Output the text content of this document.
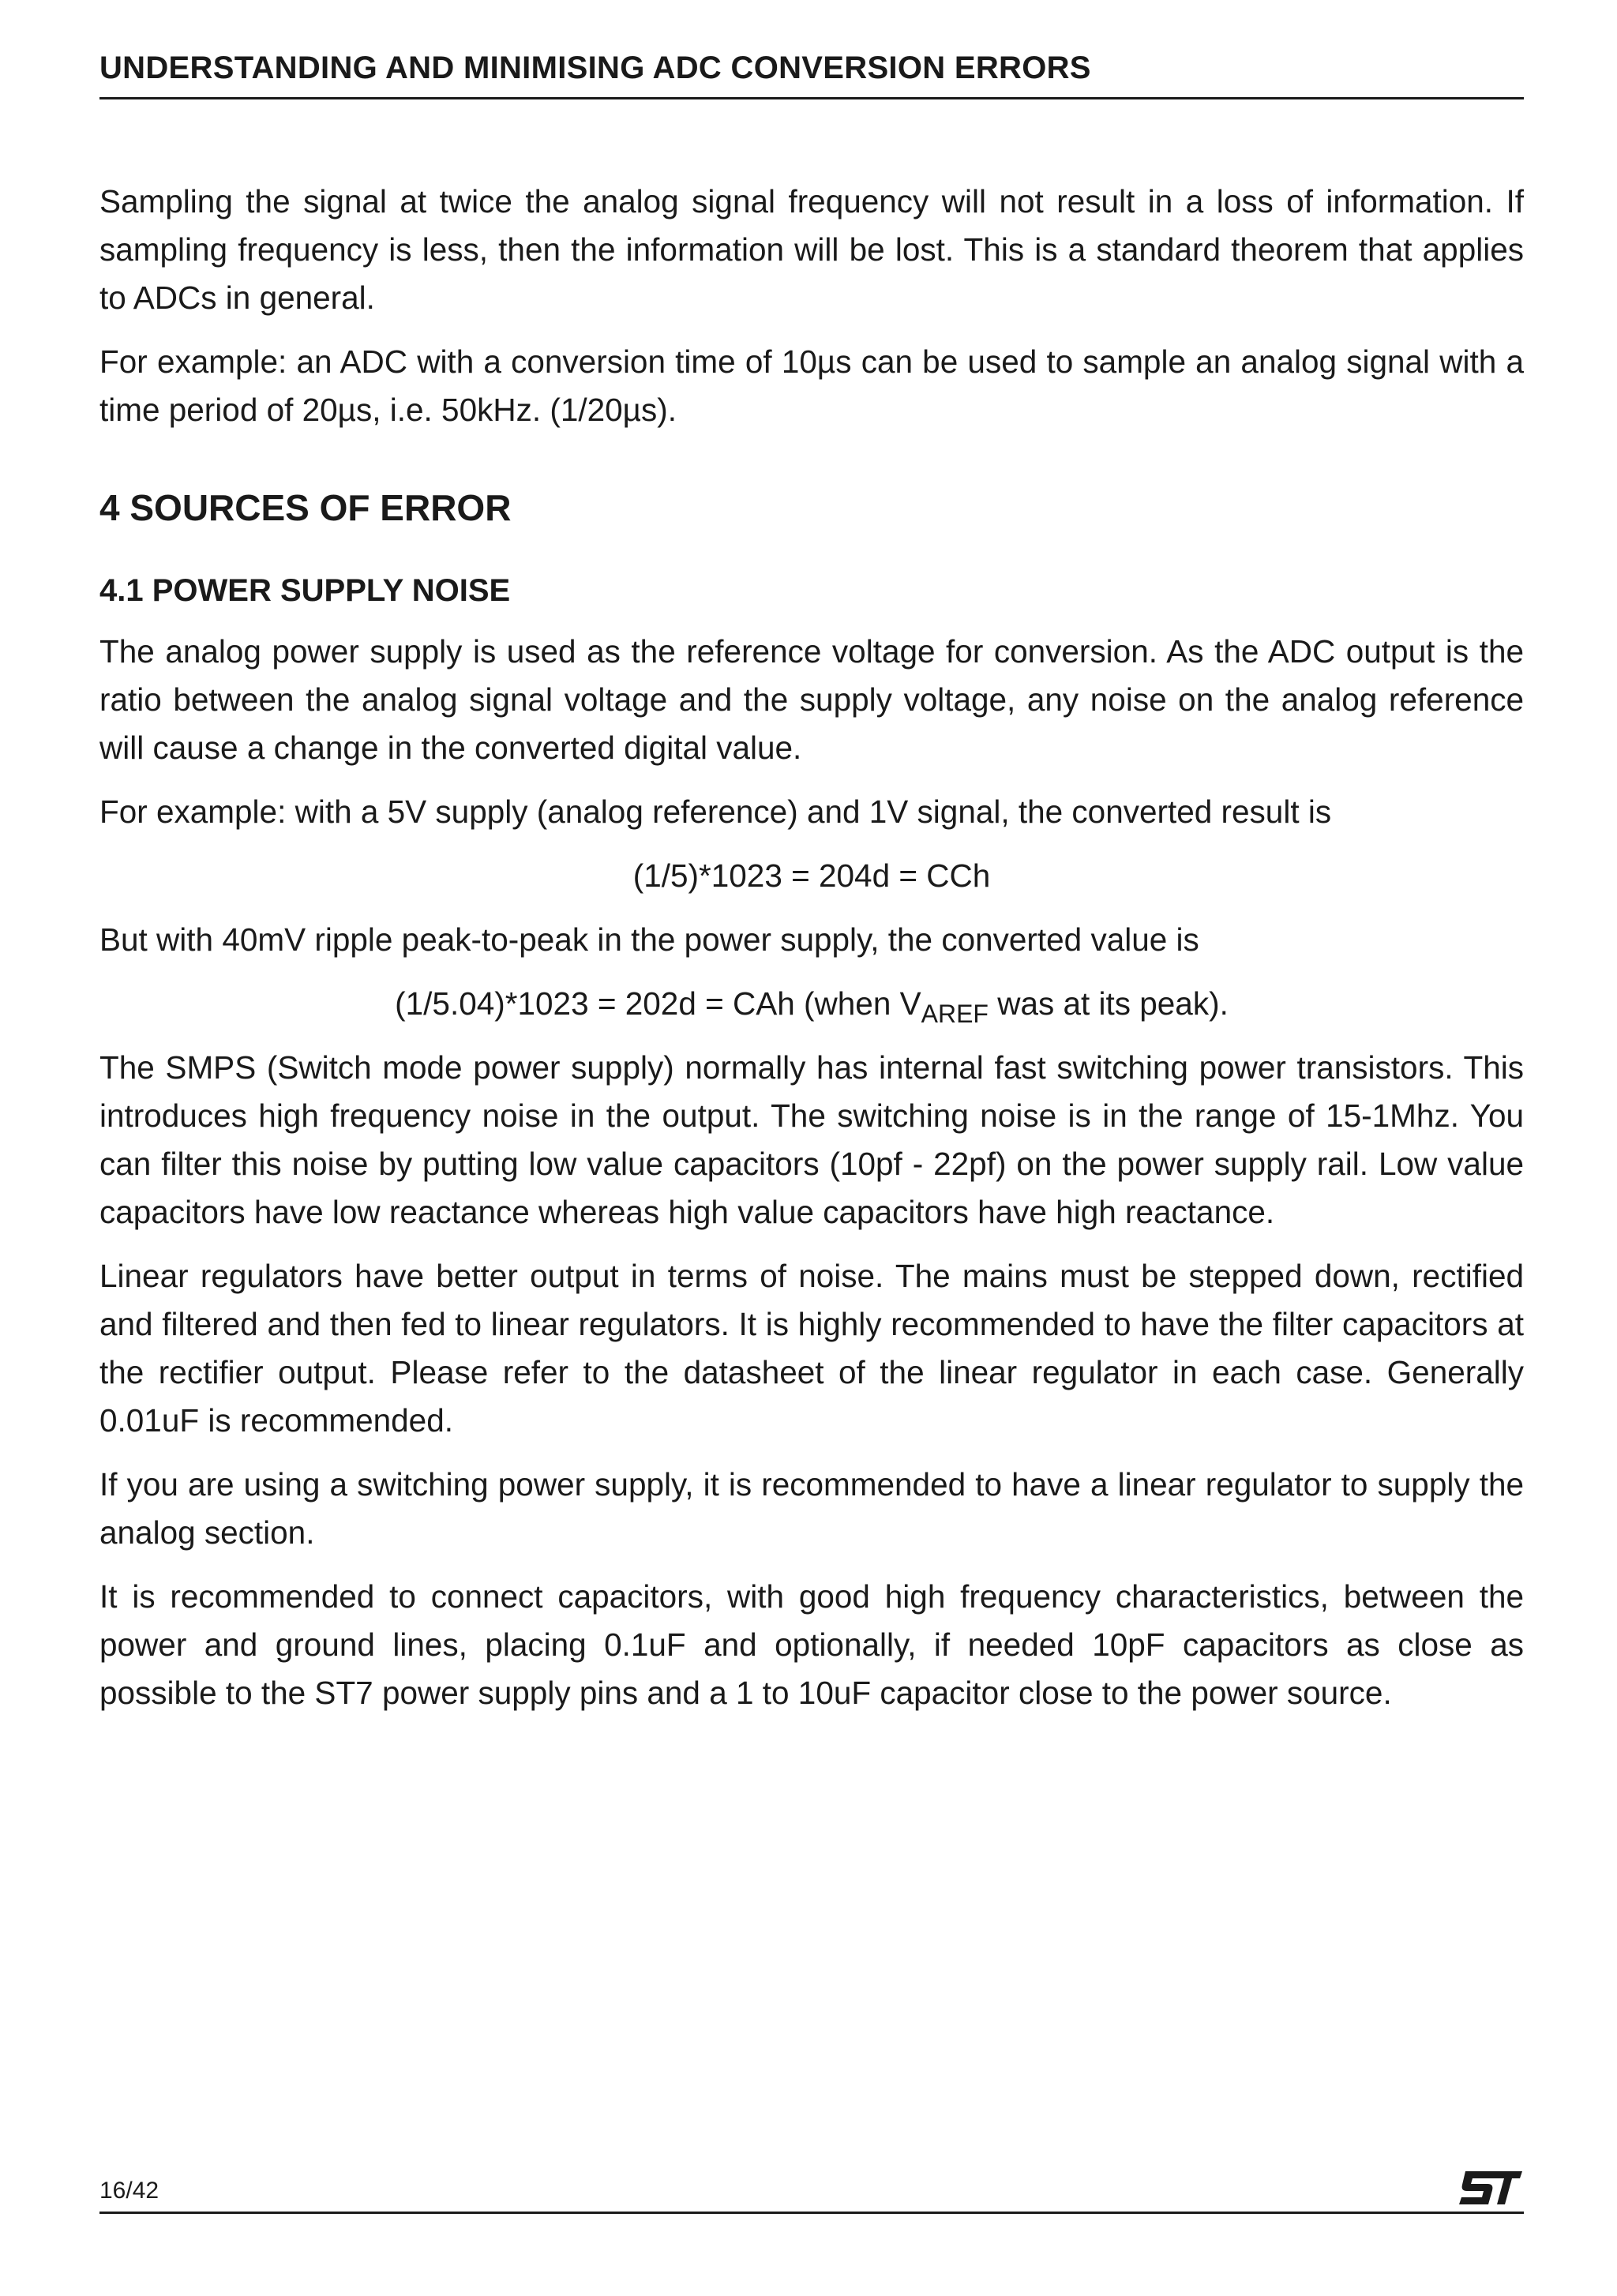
UNDERSTANDING AND MINIMISING ADC CONVERSION ERRORS

Sampling the signal at twice the analog signal frequency will not result in a loss of information. If sampling frequency is less, then the information will be lost. This is a standard theorem that applies to ADCs in general.

For example: an ADC with a conversion time of 10µs can be used to sample an analog signal with a time period of 20µs, i.e. 50kHz. (1/20µs).

4 SOURCES OF ERROR
4.1 POWER SUPPLY NOISE

The analog power supply is used as the reference voltage for conversion. As the ADC output is the ratio between the analog signal voltage and the supply voltage, any noise on the analog reference will cause a change in the converted digital value.

For example: with a 5V supply (analog reference) and 1V signal, the converted result is

(1/5)*1023 = 204d = CCh

But with 40mV ripple peak-to-peak in the power supply, the converted value is

(1/5.04)*1023 = 202d = CAh (when $V_{AREF}$ was at its peak).

The SMPS (Switch mode power supply) normally has internal fast switching power transistors. This introduces high frequency noise in the output. The switching noise is in the range of 15-1Mhz. You can filter this noise by putting low value capacitors (10pf - 22pf) on the power supply rail. Low value capacitors have low reactance whereas high value capacitors have high reactance.

Linear regulators have better output in terms of noise. The mains must be stepped down, rectified and filtered and then fed to linear regulators. It is highly recommended to have the filter capacitors at the rectifier output. Please refer to the datasheet of the linear regulator in each case. Generally 0.01uF is recommended.

If you are using a switching power supply, it is recommended to have a linear regulator to supply the analog section.

It is recommended to connect capacitors, with good high frequency characteristics, between the power and ground lines, placing 0.1uF and optionally, if needed 10pF capacitors as close as possible to the ST7 power supply pins and a 1 to 10uF capacitor close to the power source.

16/42
